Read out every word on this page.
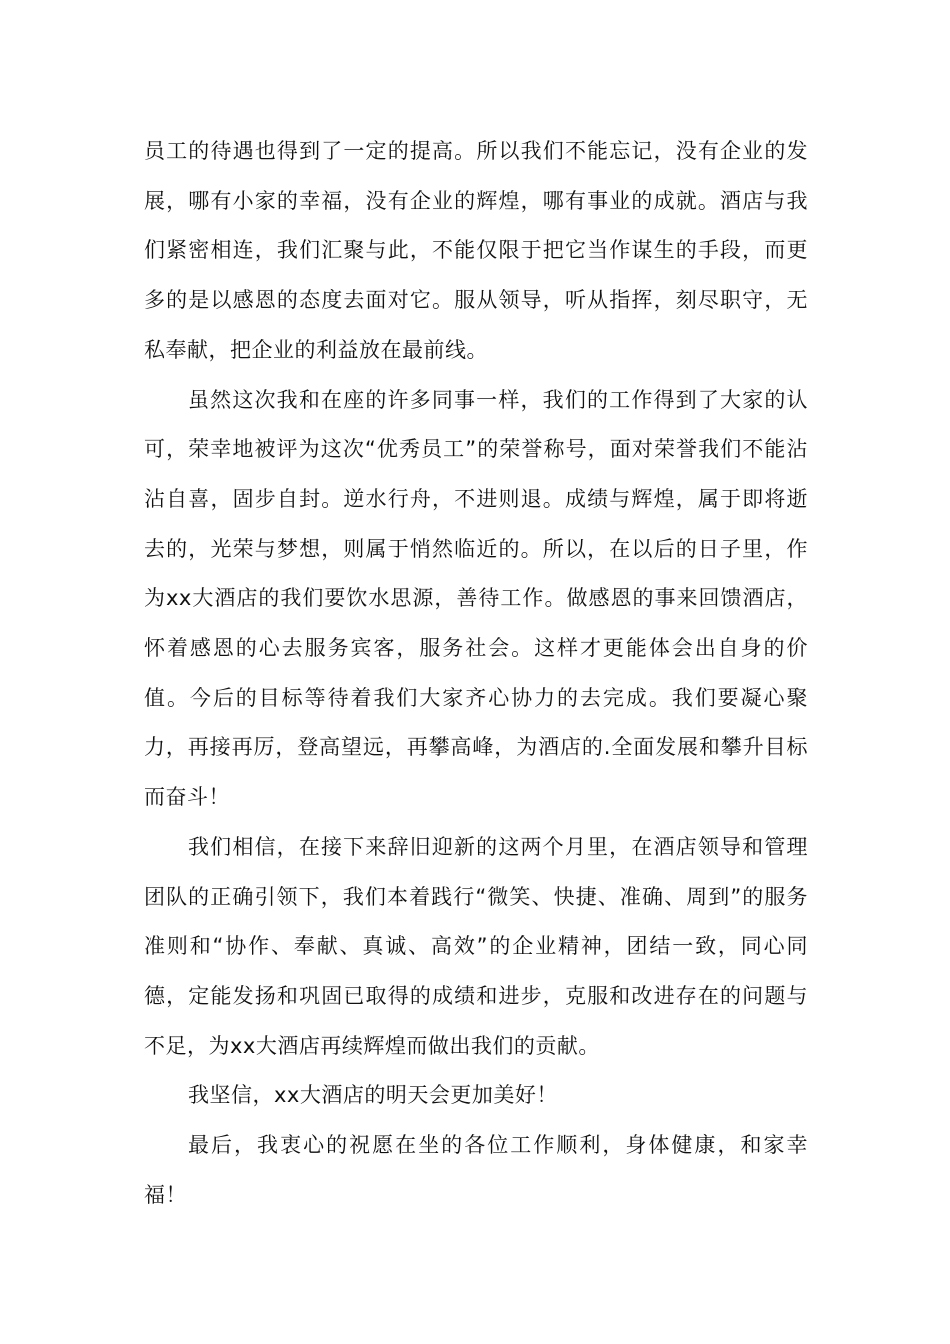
员工的待遇也得到了一定的提高。所以我们不能忘记，没有企业的发展，哪有小家的幸福，没有企业的辉煌，哪有事业的成就。酒店与我们紧密相连，我们汇聚与此，不能仅限于把它当作谋生的手段，而更多的是以感恩的态度去面对它。服从领导，听从指挥，刻尽职守，无私奉献，把企业的利益放在最前线。

虽然这次我和在座的许多同事一样，我们的工作得到了大家的认可，荣幸地被评为这次“优秀员工”的荣誉称号，面对荣誉我们不能沾沾自喜，固步自封。逆水行舟，不进则退。成绩与辉煌，属于即将逝去的，光荣与梦想，则属于悄然临近的。所以，在以后的日子里，作为xx大酒店的我们要饮水思源，善待工作。做感恩的事来回馈酒店，怀着感恩的心去服务宾客，服务社会。这样才更能体会出自身的价值。今后的目标等待着我们大家齐心协力的去完成。我们要凝心聚力，再接再厉，登高望远，再攀高峰，为酒店的.全面发展和攀升目标而奋斗！

我们相信，在接下来辞旧迎新的这两个月里，在酒店领导和管理团队的正确引领下，我们本着践行“微笑、快捷、准确、周到”的服务准则和“协作、奉献、真诚、高效”的企业精神，团结一致，同心同德，定能发扬和巩固已取得的成绩和进步，克服和改进存在的问题与不足，为xx大酒店再续辉煌而做出我们的贡献。

我坚信，xx大酒店的明天会更加美好！

最后，我衷心的祝愿在坐的各位工作顺利，身体健康，和家幸福！
